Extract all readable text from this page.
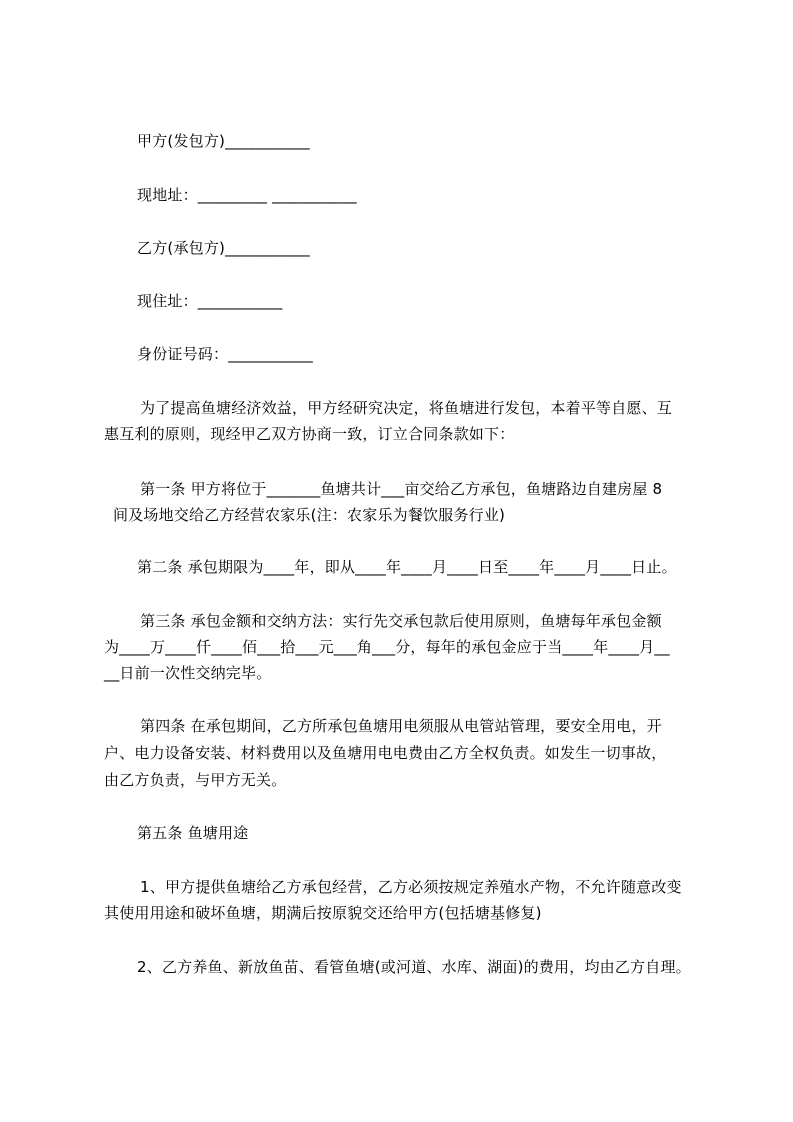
甲方(发包方)___________
现地址：_________ ___________
乙方(承包方)___________
现住址：___________
身份证号码：___________
为了提高鱼塘经济效益，甲方经研究决定，将鱼塘进行发包，本着平等自愿、互
惠互利的原则，现经甲乙双方协商一致，订立合同条款如下：
第一条 甲方将位于_______鱼塘共计___亩交给乙方承包，鱼塘路边自建房屋 8
间及场地交给乙方经营农家乐(注：农家乐为餐饮服务行业)
第二条 承包期限为____年，即从____年____月____日至____年____月____日止。
第三条 承包金额和交纳方法：实行先交承包款后使用原则，鱼塘每年承包金额
为____万____仟____佰___拾___元___角___分，每年的承包金应于当____年____月__
__日前一次性交纳完毕。
第四条 在承包期间，乙方所承包鱼塘用电须服从电管站管理，要安全用电，开
户、电力设备安装、材料费用以及鱼塘用电电费由乙方全权负责。如发生一切事故，
由乙方负责，与甲方无关。
第五条 鱼塘用途
1、甲方提供鱼塘给乙方承包经营，乙方必须按规定养殖水产物，不允许随意改变
其使用用途和破坏鱼塘，期满后按原貌交还给甲方(包括塘基修复)
2、乙方养鱼、新放鱼苗、看管鱼塘(或河道、水库、湖面)的费用，均由乙方自理。
